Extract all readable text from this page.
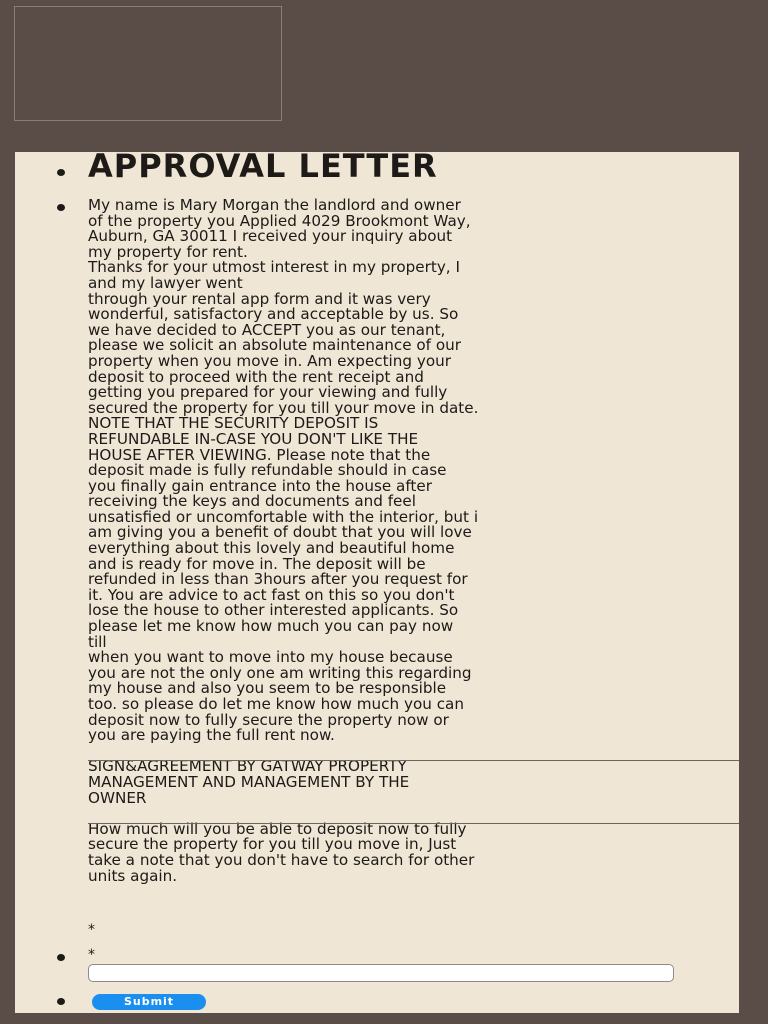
APPROVAL LETTER
My name is Mary Morgan the landlord and owner
of the property you Applied 4029 Brookmont Way,
Auburn, GA 30011 I received your inquiry about
my property for rent.
Thanks for your utmost interest in my property, I
and my lawyer went
through your rental app form and it was very
wonderful, satisfactory and acceptable by us. So
we have decided to ACCEPT you as our tenant,
please we solicit an absolute maintenance of our
property when you move in. Am expecting your
deposit to proceed with the rent receipt and
getting you prepared for your viewing and fully
secured the property for you till your move in date.
NOTE THAT THE SECURITY DEPOSIT IS
REFUNDABLE IN-CASE YOU DON'T LIKE THE
HOUSE AFTER VIEWING. Please note that the
deposit made is fully refundable should in case
you finally gain entrance into the house after
receiving the keys and documents and feel
unsatisfied or uncomfortable with the interior, but i
am giving you a benefit of doubt that you will love
everything about this lovely and beautiful home
and is ready for move in. The deposit will be
refunded in less than 3hours after you request for
it. You are advice to act fast on this so you don't
lose the house to other interested applicants. So
please let me know how much you can pay now
till
when you want to move into my house because
you are not the only one am writing this regarding
my house and also you seem to be responsible
too. so please do let me know how much you can
deposit now to fully secure the property now or
you are paying the full rent now.

SIGN&AGREEMENT BY GATWAY PROPERTY
MANAGEMENT AND MANAGEMENT BY THE
OWNER

How much will you be able to deposit now to fully
secure the property for you till you move in, Just
take a note that you don't have to search for other
units again.
*
*
Submit
